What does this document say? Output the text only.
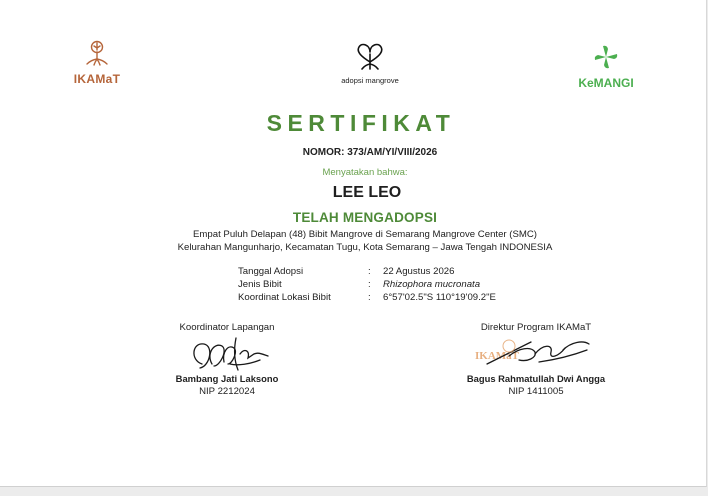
IKAMaT	adopsi mangrove	KeMANGI
SERTIFIKAT
NOMOR: 373/AM/YI/VIII/2026
Menyatakan bahwa:
LEE LEO
TELAH MENGADOPSI
Empat Puluh Delapan (48) Bibit Mangrove di Semarang Mangrove Center (SMC)
Kelurahan Mangunharjo, Kecamatan Tugu, Kota Semarang – Jawa Tengah INDONESIA
Tanggal Adopsi	: 22 Agustus 2026
Jenis Bibit	: Rhizophora mucronata
Koordinat Lokasi Bibit	: 6°57'02.5"S 110°19'09.2"E
Koordinator Lapangan
Bambang Jati Laksono
NIP 2212024
Direktur Program IKAMaT
IKAMaT
Bagus Rahmatullah Dwi Angga
NIP 1411005
